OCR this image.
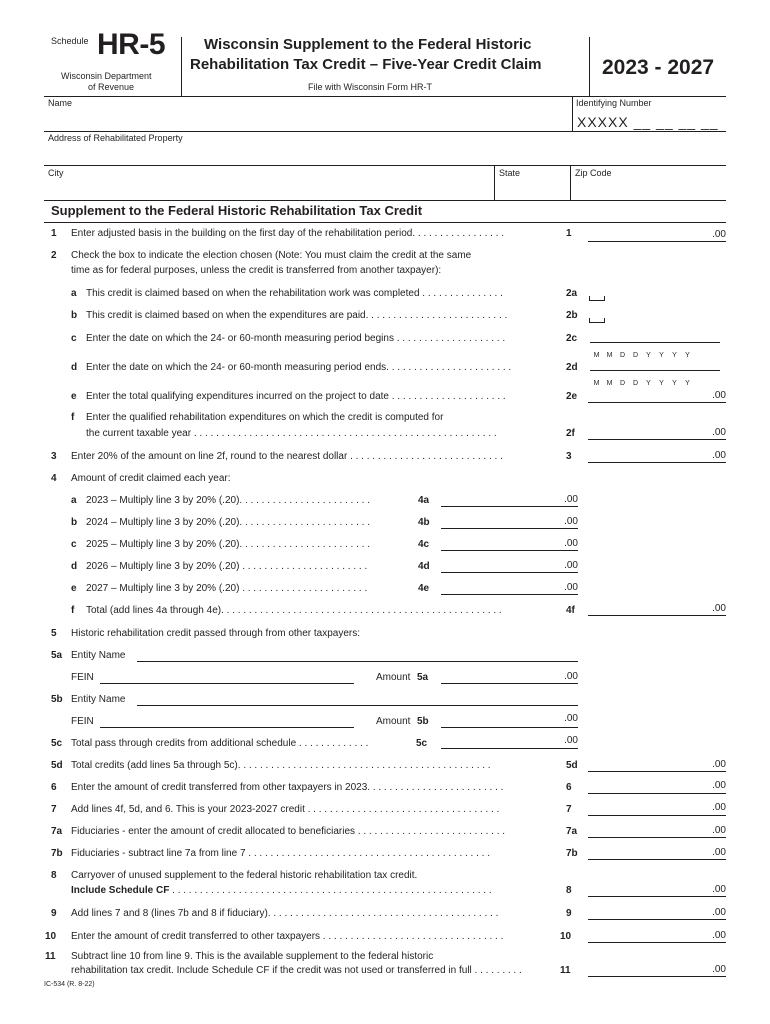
Schedule HR-5
Wisconsin Department
of Revenue
Wisconsin Supplement to the Federal Historic
Rehabilitation Tax Credit – Five-Year Credit Claim
File with Wisconsin Form HR-T
2023 - 2027
Name	Identifying Number
XXXXX __ __ __ __
Address of Rehabilitated Property
City	State	Zip Code
Supplement to the Federal Historic Rehabilitation Tax Credit
1 Enter adjusted basis in the building on the first day of the rehabilitation period. . . . . . . . . . . . . . . . .	1	.00
2 Check the box to indicate the election chosen (Note: You must claim the credit at the same
time as for federal purposes, unless the credit is transferred from another taxpayer):
a This credit is claimed based on when the rehabilitation work was completed . . . . . . . . . . . . . . .	2a
b This credit is claimed based on when the expenditures are paid. . . . . . . . . . . . . . . . . . . . . . . . . .	2b
c Enter the date on which the 24- or 60-month measuring period begins . . . . . . . . . . . . . . . . . . . .	2c
M M D D Y Y Y Y
d Enter the date on which the 24- or 60-month measuring period ends. . . . . . . . . . . . . . . . . . . . . . .	2d
M M D D Y Y Y Y
e Enter the total qualifying expenditures incurred on the project to date . . . . . . . . . . . . . . . . . . . . .	2e	.00
f Enter the qualified rehabilitation expenditures on which the credit is computed for
the current taxable year . . . . . . . . . . . . . . . . . . . . . . . . . . . . . . . . . . . . . . . . . . . . . . . . . . . . . . .	2f	.00
3 Enter 20% of the amount on line 2f, round to the nearest dollar . . . . . . . . . . . . . . . . . . . . . . . . . . . .	3	.00
4 Amount of credit claimed each year:
a 2023 – Multiply line 3 by 20% (.20). . . . . . . . . . . . . . . . . . . . . . . .	4a	.00
b 2024 – Multiply line 3 by 20% (.20). . . . . . . . . . . . . . . . . . . . . . . .	4b	.00
c 2025 – Multiply line 3 by 20% (.20). . . . . . . . . . . . . . . . . . . . . . . .	4c	.00
d 2026 – Multiply line 3 by 20% (.20) . . . . . . . . . . . . . . . . . . . . . . .	4d	.00
e 2027 – Multiply line 3 by 20% (.20) . . . . . . . . . . . . . . . . . . . . . . .	4e	.00
f Total (add lines 4a through 4e). . . . . . . . . . . . . . . . . . . . . . . . . . . . . . . . . . . . . . . . . . . . . . . . . . .	4f	.00
5 Historic rehabilitation credit passed through from other taxpayers:
5a Entity Name
FEIN	Amount 5a	.00
5b Entity Name
FEIN	Amount 5b	.00
5c Total pass through credits from additional schedule . . . . . . . . . . . . .	5c	.00
5d Total credits (add lines 5a through 5c). . . . . . . . . . . . . . . . . . . . . . . . . . . . . . . . . . . . . . . . . . . . . .	5d	.00
6 Enter the amount of credit transferred from other taxpayers in 2023. . . . . . . . . . . . . . . . . . . . . . . . .	6	.00
7 Add lines 4f, 5d, and 6. This is your 2023-2027 credit . . . . . . . . . . . . . . . . . . . . . . . . . . . . . . . . . . .	7	.00
7a Fiduciaries - enter the amount of credit allocated to beneficiaries . . . . . . . . . . . . . . . . . . . . . . . . . . .	7a	.00
7b Fiduciaries - subtract line 7a from line 7 . . . . . . . . . . . . . . . . . . . . . . . . . . . . . . . . . . . . . . . . . . . .	7b	.00
8 Carryover of unused supplement to the federal historic rehabilitation tax credit.
Include Schedule CF . . . . . . . . . . . . . . . . . . . . . . . . . . . . . . . . . . . . . . . . . . . . . . . . . . . . . . . . . .	8	.00
9 Add lines 7 and 8 (lines 7b and 8 if fiduciary). . . . . . . . . . . . . . . . . . . . . . . . . . . . . . . . . . . . . . . . . .	9	.00
10 Enter the amount of credit transferred to other taxpayers . . . . . . . . . . . . . . . . . . . . . . . . . . . . . . . . .	10	.00
11 Subtract line 10 from line 9. This is the available supplement to the federal historic
rehabilitation tax credit. Include Schedule CF if the credit was not used or transferred in full . . . . . . . . .	11	.00
IC-534 (R. 8-22)
